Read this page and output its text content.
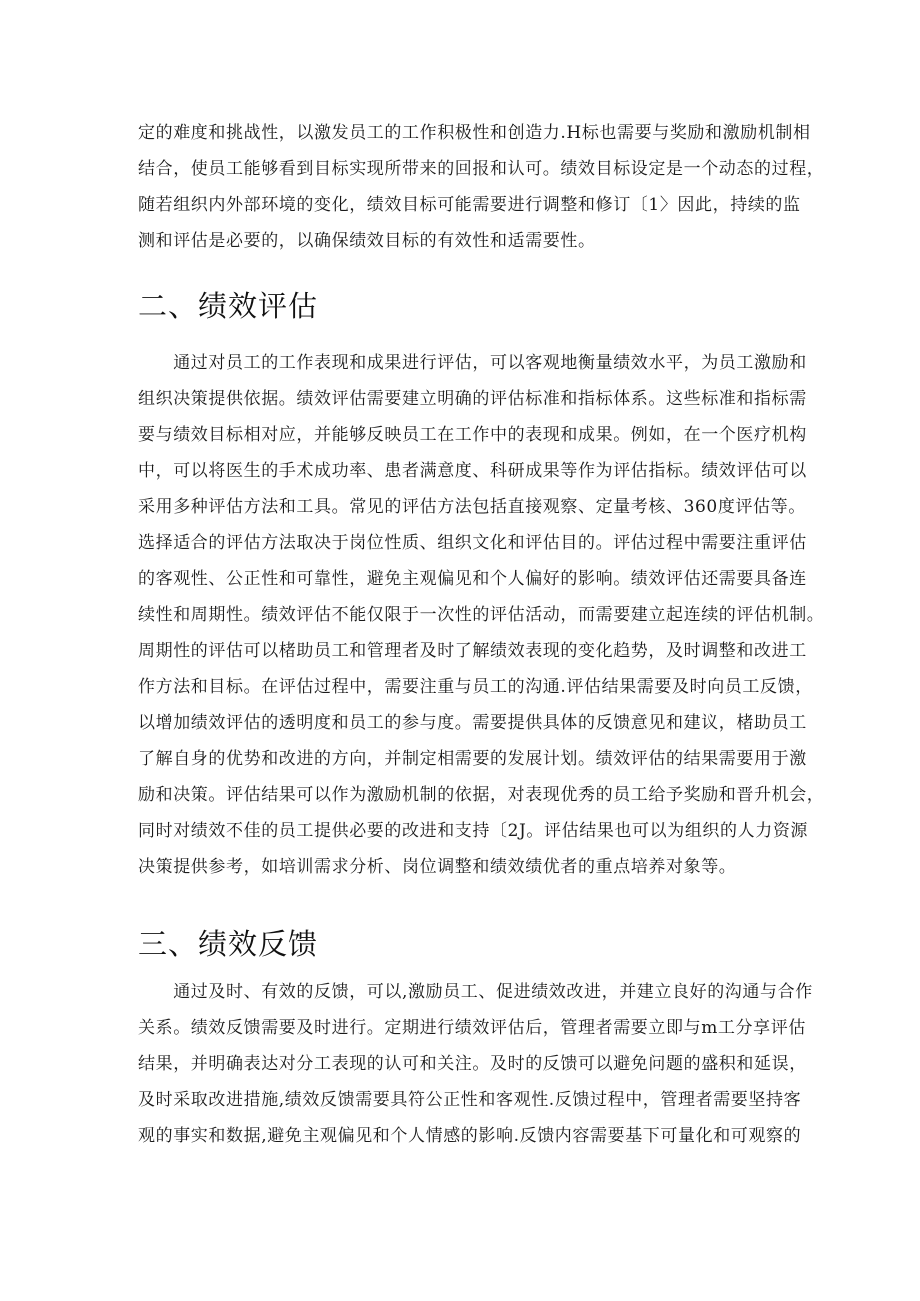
定的难度和挑战性，以激发员工的工作积极性和创造力.H标也需要与奖励和激励机制相
结合，使员工能够看到目标实现所带来的回报和认可。绩效目标设定是一个动态的过程，
随若组织内外部环境的变化，绩效目标可能需要进行调整和修订〔1〉因此，持续的监
测和评估是必要的，以确保绩效目标的有效性和适需要性。
二、绩效评估
　　通过对员工的工作表现和成果进行评估，可以客观地衡量绩效水平，为员工激励和
组织决策提供依据。绩效评估需要建立明确的评估标准和指标体系。这些标准和指标需
要与绩效目标相对应，并能够反映员工在工作中的表现和成果。例如，在一个医疗机构
中，可以将医生的手术成功率、患者满意度、科研成果等作为评估指标。绩效评估可以
采用多种评估方法和工具。常见的评估方法包括直接观察、定量考核、360度评估等。
选择适合的评估方法取决于岗位性质、组织文化和评估目的。评估过程中需要注重评估
的客观性、公正性和可靠性，避免主观偏见和个人偏好的影响。绩效评估还需要具备连
续性和周期性。绩效评估不能仅限于一次性的评估活动，而需要建立起连续的评估机制。
周期性的评估可以楮助员工和管理者及时了解绩效表现的变化趋势，及时调整和改进工
作方法和目标。在评估过程中，需要注重与员工的沟通.评估结果需要及时向员工反馈，
以增加绩效评估的透明度和员工的参与度。需要提供具体的反馈意见和建议，楮助员工
了解自身的优势和改进的方向，并制定相需要的发展计划。绩效评估的结果需要用于激
励和决策。评估结果可以作为激励机制的依据，对表现优秀的员工给予奖励和晋升机会，
同时对绩效不佳的员工提供必要的改进和支持〔2J。评估结果也可以为组织的人力资源
决策提供参考，如培训需求分析、岗位调整和绩效绩优者的重点培养对象等。
三、绩效反馈
　　通过及时、有效的反馈，可以,激励员工、促进绩效改进，并建立良好的沟通与合作
关系。绩效反馈需要及时进行。定期进行绩效评估后，管理者需要立即与m工分享评估
结果，并明确表达对分工表现的认可和关注。及时的反馈可以避免问题的盛积和延误，
及时采取改进措施,绩效反馈需要具符公正性和客观性.反馈过程中，管理者需要坚持客
观的事实和数据,避免主观偏见和个人情感的影响.反馈内容需要基下可量化和可观察的
